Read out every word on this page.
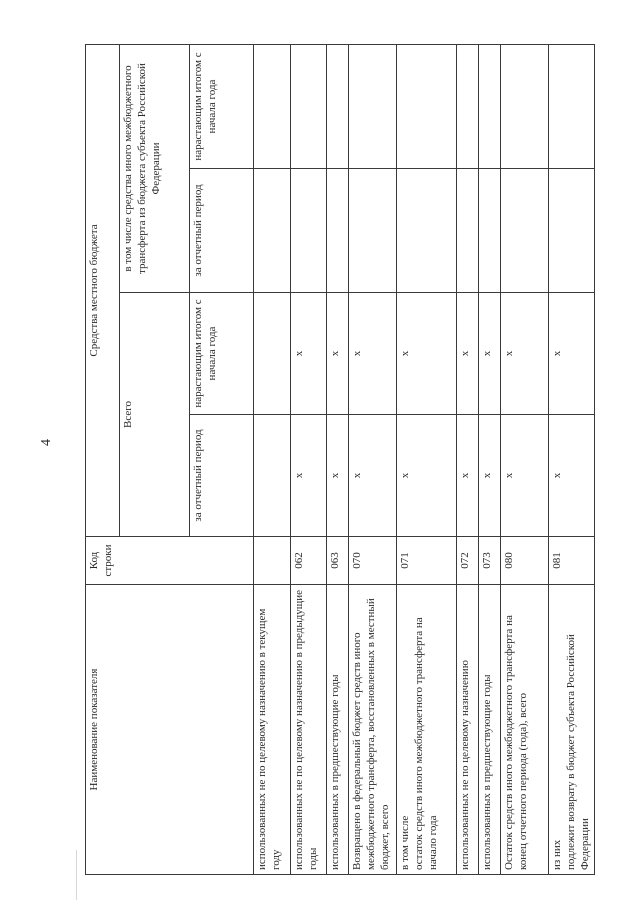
4
Наименование показателя	Код строки	Средства местного бюджета			
		Всего		в том числе средства иного межбюджетного трансферта из бюджета субъекта Российской Федерации	
		за отчетный период	нарастающим итогом с начала года	за отчетный период	нарастающим итогом с начала года
использованных не по целевому назначению в текущем году					
использованных не по целевому назначению в предыдущие годы	062	х	х		
использованных в предшествующие годы	063	х	х		
Возвращено в федеральный бюджет средств иного межбюджетного трансферта, восстановленных в местный бюджет, всего	070	х	х		
в том числе остаток средств иного межбюджетного трансферта на начало года	071	х	х		
использованных не по целевому назначению	072	х	х		
использованных в предшествующие годы	073	х	х		
Остаток средств иного межбюджетного трансферта на конец отчетного периода (года), всего	080	х	х		
из них подлежит возврату в бюджет субъекта Российской Федерации	081	х	х		
